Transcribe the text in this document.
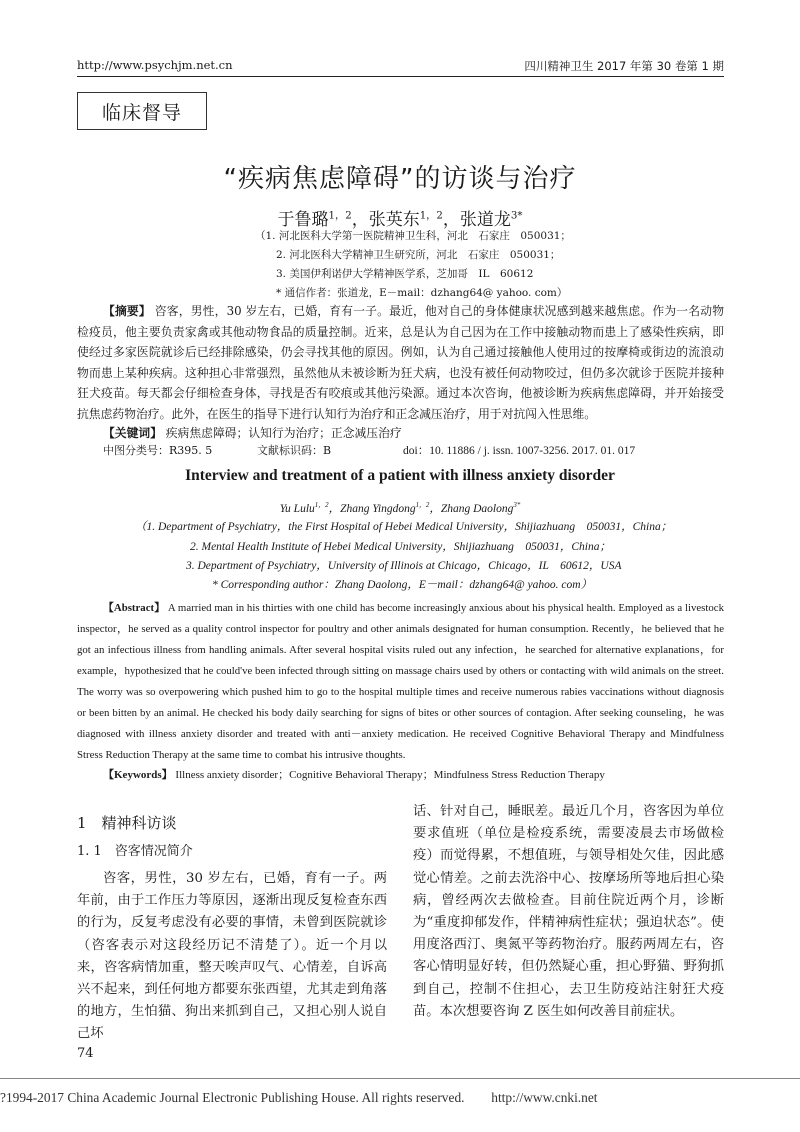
http://www.psychjm.net.cn	四川精神卫生 2017 年第 30 卷第 1 期
临床督导
“疾病焦虑障碍”的访谈与治疗
于鲁璐$^{1,2}$，张英东$^{1,2}$，张道龙$^{3*}$
（1. 河北医科大学第一医院精神卫生科，河北　石家庄　050031；
2. 河北医科大学精神卫生研究所，河北　石家庄　050031；
3. 美国伊利诺伊大学精神医学系，芝加哥　IL　60612
* 通信作者：张道龙，E－mail：dzhang64@ yahoo. com）
【摘要】 咨客，男性，30 岁左右，已婚，育有一子。最近，他对自己的身体健康状况感到越来越焦虑。作为一名动物检疫员，他主要负责家禽或其他动物食品的质量控制。近来，总是认为自己因为在工作中接触动物而患上了感染性疾病，即使经过多家医院就诊后已经排除感染，仍会寻找其他的原因。例如，认为自己通过接触他人使用过的按摩椅或街边的流浪动物而患上某种疾病。这种担心非常强烈，虽然他从未被诊断为狂犬病，也没有被任何动物咬过，但仍多次就诊于医院并接种狂犬疫苗。每天都会仔细检查身体，寻找是否有咬痕或其他污染源。通过本次咨询，他被诊断为疾病焦虑障碍，并开始接受抗焦虑药物治疗。此外，在医生的指导下进行认知行为治疗和正念减压治疗，用于对抗闯入性思维。
【关键词】 疾病焦虑障碍；认知行为治疗；正念减压治疗
中图分类号：R395. 5	文献标识码：B	doi：10. 11886 / j. issn. 1007-3256. 2017. 01. 017
Interview and treatment of a patient with illness anxiety disorder
Yu Lulu$^{1,2}$，Zhang Yingdong$^{1,2}$，Zhang Daolong$^{3*}$
（1. Department of Psychiatry，the First Hospital of Hebei Medical University，Shijiazhuang　050031，China；
2. Mental Health Institute of Hebei Medical University，Shijiazhuang　050031，China；
3. Department of Psychiatry，University of Illinois at Chicago，Chicago，IL　60612，USA
* Corresponding author：Zhang Daolong，E－mail：dzhang64@ yahoo. com）
【Abstract】 A married man in his thirties with one child has become increasingly anxious about his physical health. Employed as a livestock inspector，he served as a quality control inspector for poultry and other animals designated for human consumption. Recently，he believed that he got an infectious illness from handling animals. After several hospital visits ruled out any infection，he searched for alternative explanations，for example，hypothesized that he could've been infected through sitting on massage chairs used by others or contacting with wild animals on the street. The worry was so overpowering which pushed him to go to the hospital multiple times and receive numerous rabies vaccinations without diagnosis or been bitten by an animal. He checked his body daily searching for signs of bites or other sources of contagion. After seeking counseling，he was diagnosed with illness anxiety disorder and treated with anti－anxiety medication. He received Cognitive Behavioral Therapy and Mindfulness Stress Reduction Therapy at the same time to combat his intrusive thoughts.
【Keywords】 Illness anxiety disorder；Cognitive Behavioral Therapy；Mindfulness Stress Reduction Therapy
1　精神科访谈
1. 1　咨客情况简介
咨客，男性，30 岁左右，已婚，育有一子。两年前，由于工作压力等原因，逐渐出现反复检查东西的行为，反复考虑没有必要的事情，未曾到医院就诊（咨客表示对这段经历记不清楚了）。近一个月以来，咨客病情加重，整天唉声叹气、心情差，自诉高兴不起来，到任何地方都要东张西望，尤其走到角落的地方，生怕猫、狗出来抓到自己，又担心别人说自己坏
话、针对自己，睡眠差。最近几个月，咨客因为单位要求值班（单位是检疫系统，需要凌晨去市场做检疫）而觉得累，不想值班，与领导相处欠佳，因此感觉心情差。之前去洗浴中心、按摩场所等地后担心染病，曾经两次去做检查。目前住院近两个月，诊断为“重度抑郁发作，伴精神病性症状；强迫状态”。使用度洛西汀、奥氮平等药物治疗。服药两周左右，咨客心情明显好转，但仍然疑心重，担心野猫、野狗抓到自己，控制不住担心，去卫生防疫站注射狂犬疫苗。本次想要咨询 Z 医生如何改善目前症状。
74
?1994-2017 China Academic Journal Electronic Publishing House. All rights reserved.　　http://www.cnki.net
